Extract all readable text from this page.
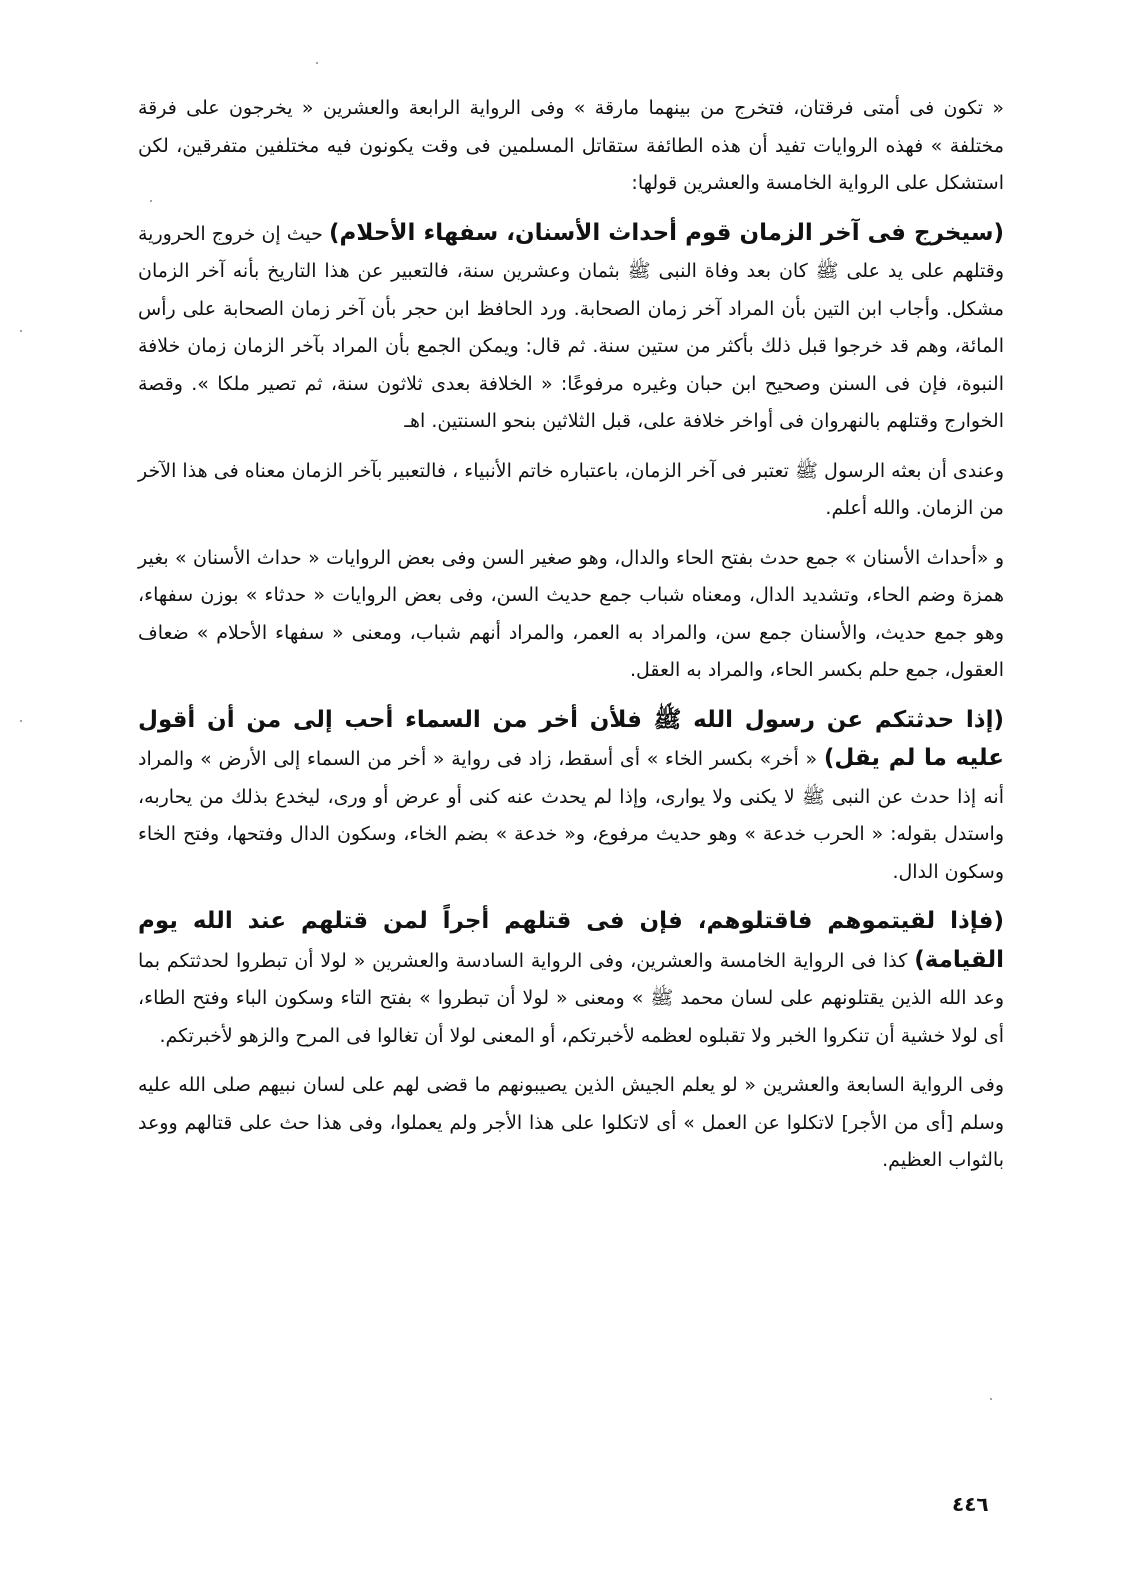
« تكون فى أمتى فرقتان، فتخرج من بينهما مارقة » وفى الرواية الرابعة والعشرين « يخرجون على فرقة مختلفة » فهذه الروايات تفيد أن هذه الطائفة ستقاتل المسلمين فى وقت يكونون فيه مختلفين متفرقين، لكن استشكل على الرواية الخامسة والعشرين قولها:

(سيخرج فى آخر الزمان قوم أحداث الأسنان، سفهاء الأحلام) حيث إن خروج الحرورية وقتلهم على يد على ﷺ كان بعد وفاة النبى ﷺ بثمان وعشرين سنة، فالتعبير عن هذا التاريخ بأنه آخر الزمان مشكل. وأجاب ابن التين بأن المراد آخر زمان الصحابة. ورد الحافظ ابن حجر بأن آخر زمان الصحابة على رأس المائة، وهم قد خرجوا قبل ذلك بأكثر من ستين سنة. ثم قال: ويمكن الجمع بأن المراد بآخر الزمان زمان خلافة النبوة، فإن فى السنن وصحيح ابن حبان وغيره مرفوعًا: « الخلافة بعدى ثلاثون سنة، ثم تصير ملكا ». وقصة الخوارج وقتلهم بالنهروان فى أواخر خلافة على، قبل الثلاثين بنحو السنتين. اهـ

وعندى أن بعثه الرسول ﷺ تعتبر فى آخر الزمان، باعتباره خاتم الأنبياء ، فالتعبير بآخر الزمان معناه فى هذا الآخر من الزمان. والله أعلم.

و «أحداث الأسنان » جمع حدث بفتح الحاء والدال، وهو صغير السن وفى بعض الروايات « حداث الأسنان » بغير همزة وضم الحاء، وتشديد الدال، ومعناه شباب جمع حديث السن، وفى بعض الروايات « حدثاء » بوزن سفهاء، وهو جمع حديث، والأسنان جمع سن، والمراد به العمر، والمراد أنهم شباب، ومعنى « سفهاء الأحلام » ضعاف العقول، جمع حلم بكسر الحاء، والمراد به العقل.

(إذا حدثتكم عن رسول الله ﷺ فلأن أخر من السماء أحب إلى من أن أقول عليه ما لم يقل) « أخر» بكسر الخاء » أى أسقط، زاد فى رواية « أخر من السماء إلى الأرض » والمراد أنه إذا حدث عن النبى ﷺ لا يكنى ولا يوارى، وإذا لم يحدث عنه كنى أو عرض أو ورى، ليخدع بذلك من يحاربه، واستدل بقوله: « الحرب خدعة » وهو حديث مرفوع، و« خدعة » بضم الخاء، وسكون الدال وفتحها، وفتح الخاء وسكون الدال.

(فإذا لقيتموهم فاقتلوهم، فإن فى قتلهم أجراً لمن قتلهم عند الله يوم القيامة) كذا فى الرواية الخامسة والعشرين، وفى الرواية السادسة والعشرين « لولا أن تبطروا لحدثتكم بما وعد الله الذين يقتلونهم على لسان محمد ﷺ » ومعنى « لولا أن تبطروا » بفتح التاء وسكون الباء وفتح الطاء، أى لولا خشية أن تنكروا الخبر ولا تقبلوه لعظمه لأخبرتكم، أو المعنى لولا أن تغالوا فى المرح والزهو لأخبرتكم.

وفى الرواية السابعة والعشرين « لو يعلم الجيش الذين يصيبونهم ما قضى لهم على لسان نبيهم صلى الله عليه وسلم [أى من الأجر] لاتكلوا عن العمل » أى لاتكلوا على هذا الأجر ولم يعملوا، وفى هذا حث على قتالهم ووعد بالثواب العظيم.

٤٤٦
